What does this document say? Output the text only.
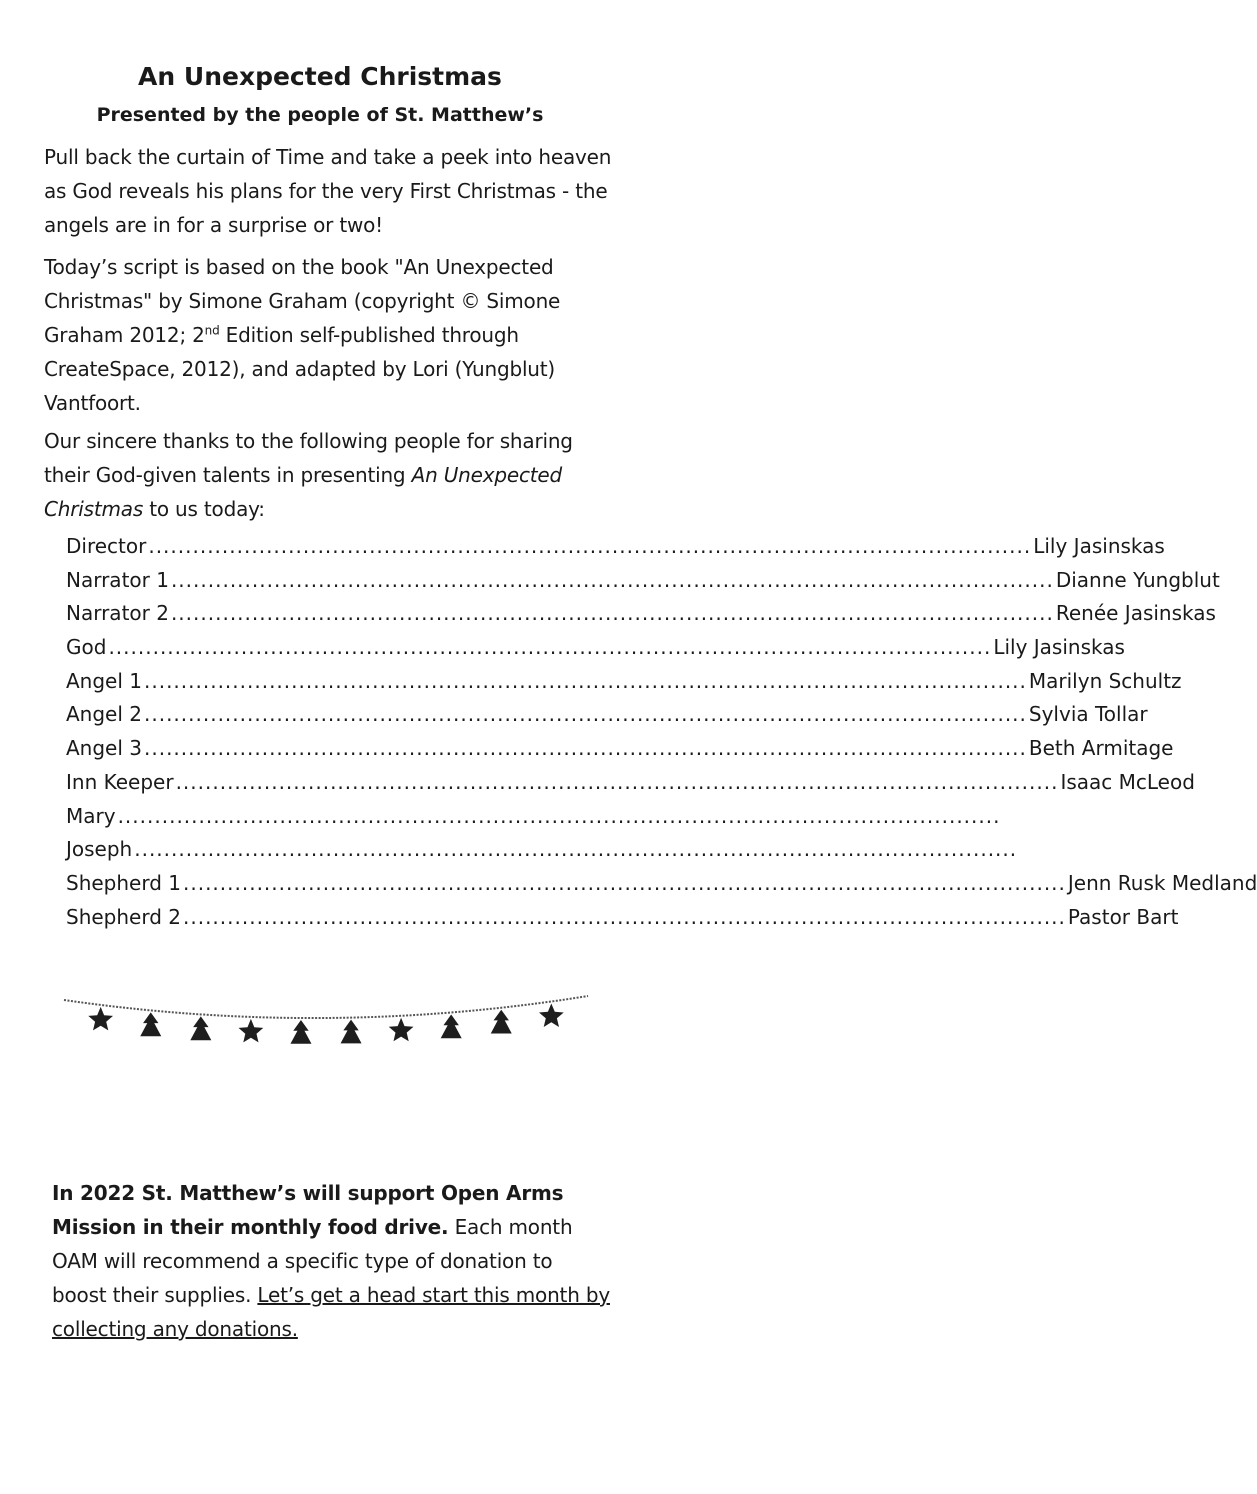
An Unexpected Christmas
Presented by the people of St. Matthew’s

Pull back the curtain of Time and take a peek into heaven as God reveals his plans for the very First Christmas - the angels are in for a surprise or two!

Today’s script is based on the book "An Unexpected Christmas" by Simone Graham (copyright © Simone Graham 2012; 2nd Edition self-published through CreateSpace, 2012), and adapted by Lori (Yungblut) Vantfoort.

Our sincere thanks to the following people for sharing their God-given talents in presenting An Unexpected Christmas to us today:

Director ........................................................................................................................ Lily Jasinskas
Narrator 1 ........................................................................................................................ Dianne Yungblut
Narrator 2 ........................................................................................................................ Renée Jasinskas
God ........................................................................................................................ Lily Jasinskas
Angel 1 ........................................................................................................................ Marilyn Schultz
Angel 2 ........................................................................................................................ Sylvia Tollar
Angel 3 ........................................................................................................................ Beth Armitage
Inn Keeper ........................................................................................................................ Isaac McLeod
Mary ........................................................................................................................
Joseph ........................................................................................................................
Shepherd 1 ........................................................................................................................ Jenn Rusk Medland
Shepherd 2 ........................................................................................................................ Pastor Bart

In 2022 St. Matthew’s will support Open Arms Mission in their monthly food drive. Each month OAM will recommend a specific type of donation to boost their supplies. Let’s get a head start this month by collecting any donations.
